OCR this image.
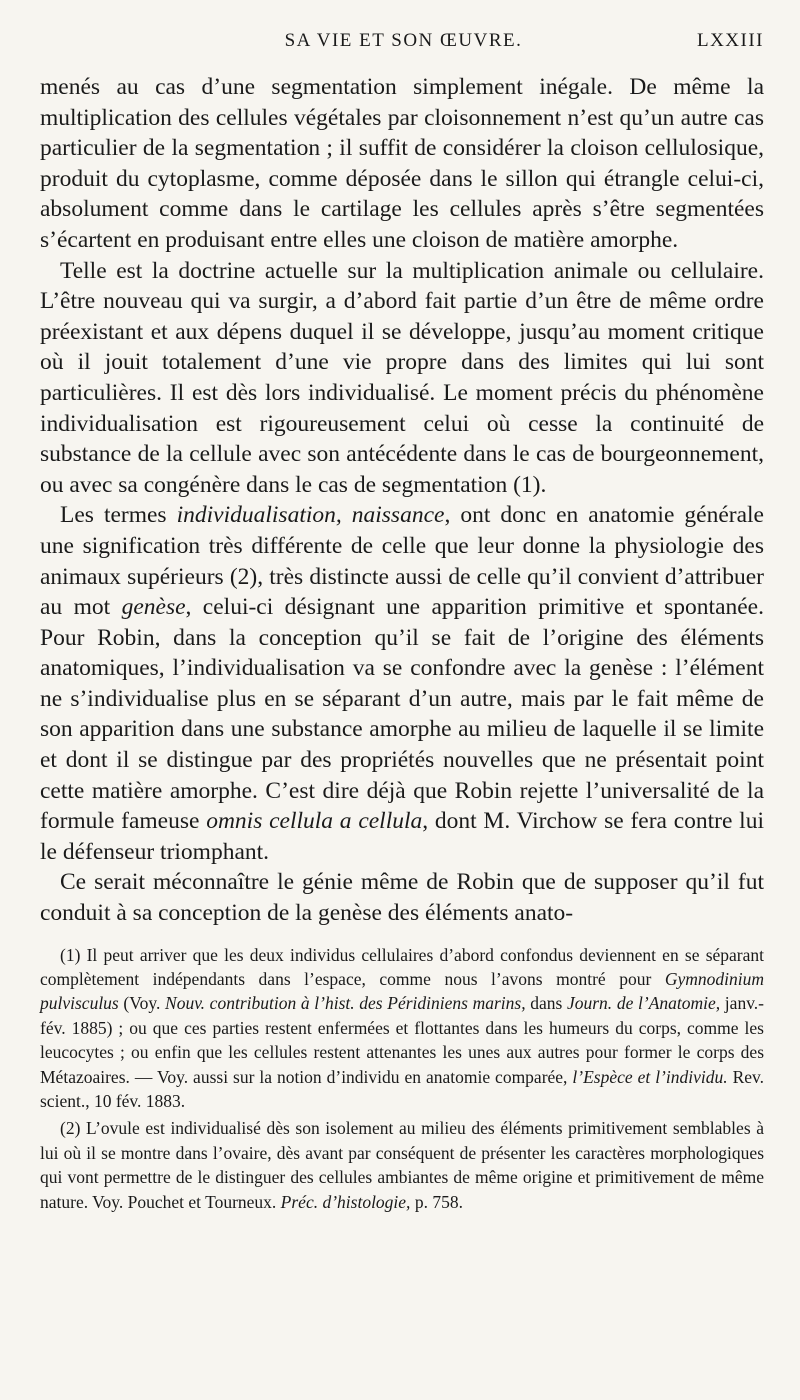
SA VIE ET SON ŒUVRE.	LXXIII

menés au cas d’une segmentation simplement inégale. De même la multiplication des cellules végétales par cloisonnement n’est qu’un autre cas particulier de la segmentation ; il suffit de considérer la cloison cellulosique, produit du cytoplasme, comme déposée dans le sillon qui étrangle celui-ci, absolument comme dans le cartilage les cellules après s’être segmentées s’écartent en produisant entre elles une cloison de matière amorphe.

Telle est la doctrine actuelle sur la multiplication animale ou cellulaire. L’être nouveau qui va surgir, a d’abord fait partie d’un être de même ordre préexistant et aux dépens duquel il se développe, jusqu’au moment critique où il jouit totalement d’une vie propre dans des limites qui lui sont particulières. Il est dès lors individualisé. Le moment précis du phénomène individualisation est rigoureusement celui où cesse la continuité de substance de la cellule avec son antécédente dans le cas de bourgeonnement, ou avec sa congénère dans le cas de segmentation (1).

Les termes individualisation, naissance, ont donc en anatomie générale une signification très différente de celle que leur donne la physiologie des animaux supérieurs (2), très distincte aussi de celle qu’il convient d’attribuer au mot genèse, celui-ci désignant une apparition primitive et spontanée. Pour Robin, dans la conception qu’il se fait de l’origine des éléments anatomiques, l’individualisation va se confondre avec la genèse : l’élément ne s’individualise plus en se séparant d’un autre, mais par le fait même de son apparition dans une substance amorphe au milieu de laquelle il se limite et dont il se distingue par des propriétés nouvelles que ne présentait point cette matière amorphe. C’est dire déjà que Robin rejette l’universalité de la formule fameuse omnis cellula a cellula, dont M. Virchow se fera contre lui le défenseur triomphant.

Ce serait méconnaître le génie même de Robin que de supposer qu’il fut conduit à sa conception de la genèse des éléments anato-

(1) Il peut arriver que les deux individus cellulaires d’abord confondus deviennent en se séparant complètement indépendants dans l’espace, comme nous l’avons montré pour Gymnodinium pulvisculus (Voy. Nouv. contribution à l’hist. des Péridiniens marins, dans Journ. de l’Anatomie, janv.-fév. 1885) ; ou que ces parties restent enfermées et flottantes dans les humeurs du corps, comme les leucocytes ; ou enfin que les cellules restent attenantes les unes aux autres pour former le corps des Métazoaires. — Voy. aussi sur la notion d’individu en anatomie comparée, l’Espèce et l’individu. Rev. scient., 10 fév. 1883.

(2) L’ovule est individualisé dès son isolement au milieu des éléments primitivement semblables à lui où il se montre dans l’ovaire, dès avant par conséquent de présenter les caractères morphologiques qui vont permettre de le distinguer des cellules ambiantes de même origine et primitivement de même nature. Voy. Pouchet et Tourneux. Préc. d’histologie, p. 758.
